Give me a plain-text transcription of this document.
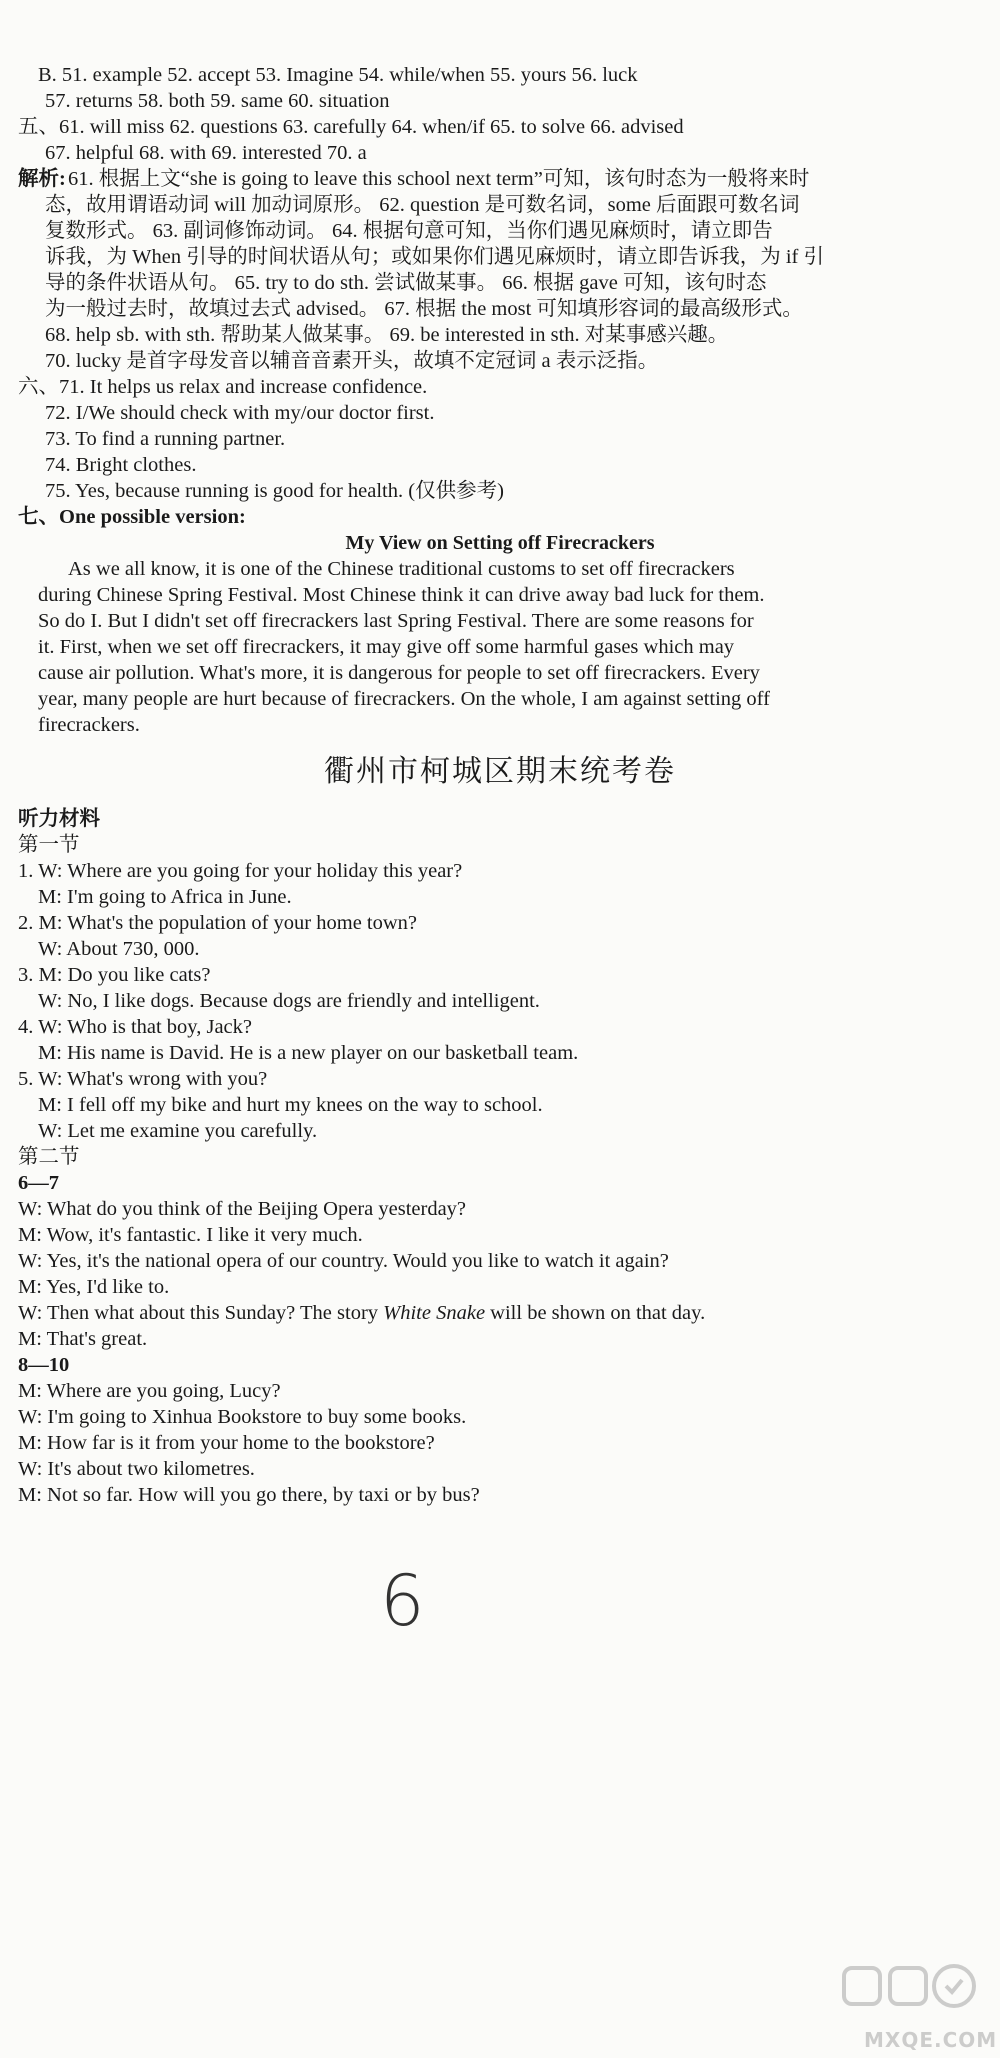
B. 51. example 52. accept 53. Imagine 54. while/when 55. yours 56. luck
57. returns 58. both 59. same 60. situation
五、61. will miss 62. questions 63. carefully 64. when/if 65. to solve 66. advised
67. helpful 68. with 69. interested 70. a
解析: 61. 根据上文“she is going to leave this school next term”可知，该句时态为一般将来时
态，故用谓语动词 will 加动词原形。 62. question 是可数名词，some 后面跟可数名词
复数形式。 63. 副词修饰动词。 64. 根据句意可知，当你们遇见麻烦时，请立即告
诉我，为 When 引导的时间状语从句；或如果你们遇见麻烦时，请立即告诉我，为 if 引
导的条件状语从句。 65. try to do sth. 尝试做某事。 66. 根据 gave 可知，该句时态
为一般过去时，故填过去式 advised。 67. 根据 the most 可知填形容词的最高级形式。
68. help sb. with sth. 帮助某人做某事。 69. be interested in sth. 对某事感兴趣。
70. lucky 是首字母发音以辅音音素开头，故填不定冠词 a 表示泛指。
六、71. It helps us relax and increase confidence.
72. I/We should check with my/our doctor first.
73. To find a running partner.
74. Bright clothes.
75. Yes, because running is good for health. (仅供参考)
七、One possible version:
My View on Setting off Firecrackers
As we all know, it is one of the Chinese traditional customs to set off firecrackers
during Chinese Spring Festival. Most Chinese think it can drive away bad luck for them.
So do I. But I didn't set off firecrackers last Spring Festival. There are some reasons for
it. First, when we set off firecrackers, it may give off some harmful gases which may
cause air pollution. What's more, it is dangerous for people to set off firecrackers. Every
year, many people are hurt because of firecrackers. On the whole, I am against setting off
firecrackers.
衢州市柯城区期末统考卷
听力材料
第一节
1. W: Where are you going for your holiday this year?
M: I'm going to Africa in June.
2. M: What's the population of your home town?
W: About 730, 000.
3. M: Do you like cats?
W: No, I like dogs. Because dogs are friendly and intelligent.
4. W: Who is that boy, Jack?
M: His name is David. He is a new player on our basketball team.
5. W: What's wrong with you?
M: I fell off my bike and hurt my knees on the way to school.
W: Let me examine you carefully.
第二节
6—7
W: What do you think of the Beijing Opera yesterday?
M: Wow, it's fantastic. I like it very much.
W: Yes, it's the national opera of our country. Would you like to watch it again?
M: Yes, I'd like to.
W: Then what about this Sunday? The story White Snake will be shown on that day.
M: That's great.
8—10
M: Where are you going, Lucy?
W: I'm going to Xinhua Bookstore to buy some books.
M: How far is it from your home to the bookstore?
W: It's about two kilometres.
M: Not so far. How will you go there, by taxi or by bus?
6
MXQE.COM
